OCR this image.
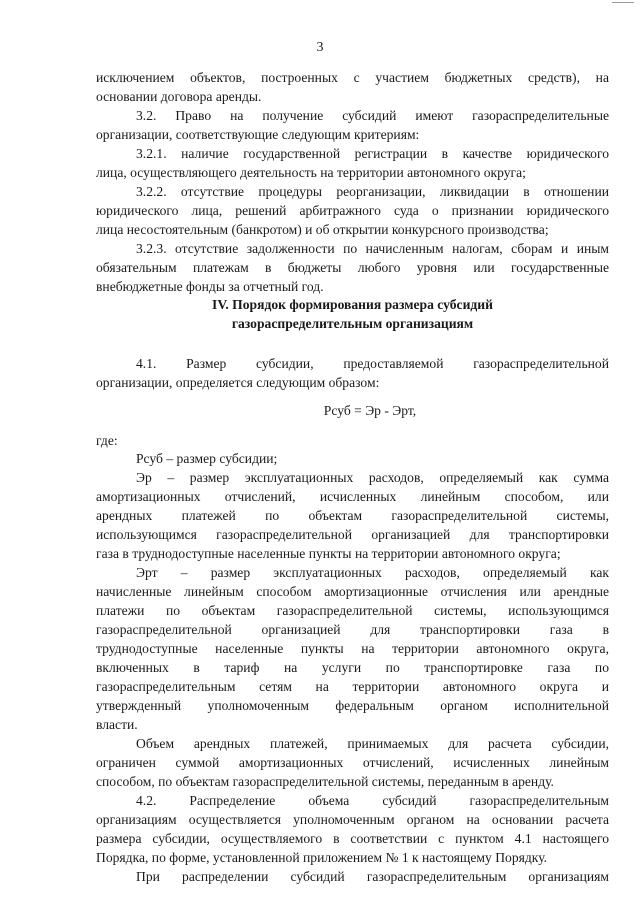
3
исключением объектов, построенных с участием бюджетных средств), на
основании договора аренды.
3.2. Право на получение субсидий имеют газораспределительные
организации, соответствующие следующим критериям:
3.2.1. наличие государственной регистрации в качестве юридического
лица, осуществляющего деятельность на территории автономного округа;
3.2.2. отсутствие процедуры реорганизации, ликвидации в отношении
юридического лица, решений арбитражного суда о признании юридического
лица несостоятельным (банкротом) и об открытии конкурсного производства;
3.2.3. отсутствие задолженности по начисленным налогам, сборам и иным
обязательным платежам в бюджеты любого уровня или государственные
внебюджетные фонды за отчетный год.
IV. Порядок формирования размера субсидий
газораспределительным организациям
4.1. Размер субсидии, предоставляемой газораспределительной
организации, определяется следующим образом:
Рсуб = Эр - Эрт,
где:
Рсуб – размер субсидии;
Эр – размер эксплуатационных расходов, определяемый как сумма
амортизационных отчислений, исчисленных линейным способом, или
арендных платежей по объектам газораспределительной системы,
использующимся газораспределительной организацией для транспортировки
газа в труднодоступные населенные пункты на территории автономного округа;
Эрт – размер эксплуатационных расходов, определяемый как
начисленные линейным способом амортизационные отчисления или арендные
платежи по объектам газораспределительной системы, использующимся
газораспределительной организацией для транспортировки газа в
труднодоступные населенные пункты на территории автономного округа,
включенных в тариф на услуги по транспортировке газа по
газораспределительным сетям на территории автономного округа и
утвержденный уполномоченным федеральным органом исполнительной
власти.
Объем арендных платежей, принимаемых для расчета субсидии,
ограничен суммой амортизационных отчислений, исчисленных линейным
способом, по объектам газораспределительной системы, переданным в аренду.
4.2. Распределение объема субсидий газораспределительным
организациям осуществляется уполномоченным органом на основании расчета
размера субсидии, осуществляемого в соответствии с пунктом 4.1 настоящего
Порядка, по форме, установленной приложением № 1 к настоящему Порядку.
При распределении субсидий газораспределительным организациям
